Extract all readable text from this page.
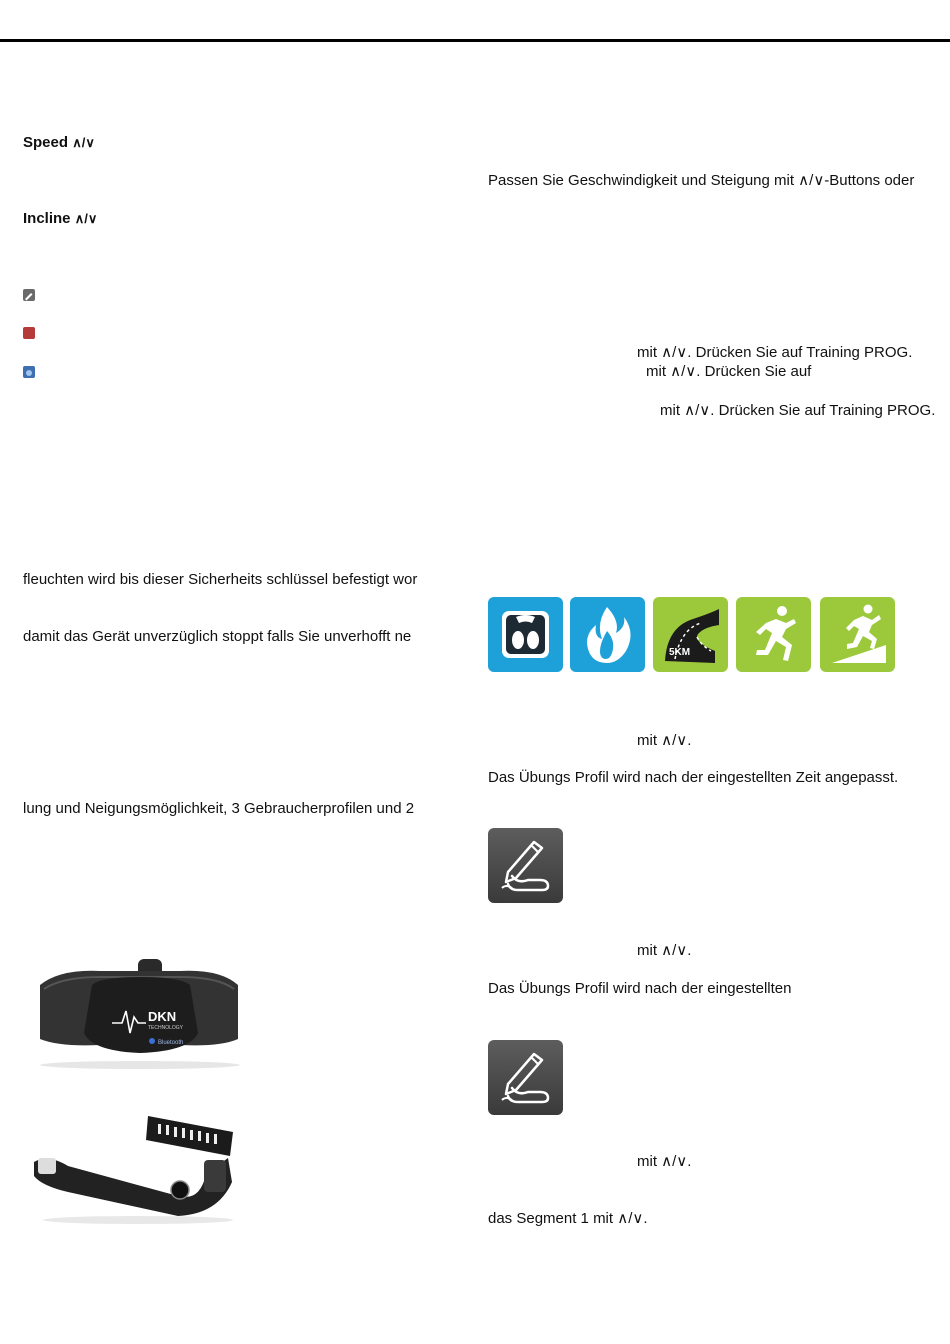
Speed ∧/∨
Incline ∧/∨
fleuchten wird bis dieser Sicherheits schlüssel befestigt wor
damit das Gerät unverzüglich stoppt falls Sie unverhofft ne
lung und Neigungsmöglichkeit, 3 Gebraucherprofilen und 2
DKN
TECHNOLOGY
Bluetooth
Passen Sie Geschwindigkeit und Steigung mit ∧/∨-Buttons oder
mit ∧/∨. Drücken Sie auf Training PROG.
mit ∧/∨. Drücken Sie auf
mit ∧/∨. Drücken Sie auf Training PROG.
5KM
mit ∧/∨.
Das Übungs Profil wird nach der eingestellten Zeit angepasst.
mit ∧/∨.
Das Übungs Profil wird nach der eingestellten
mit ∧/∨.
das Segment 1 mit ∧/∨.
